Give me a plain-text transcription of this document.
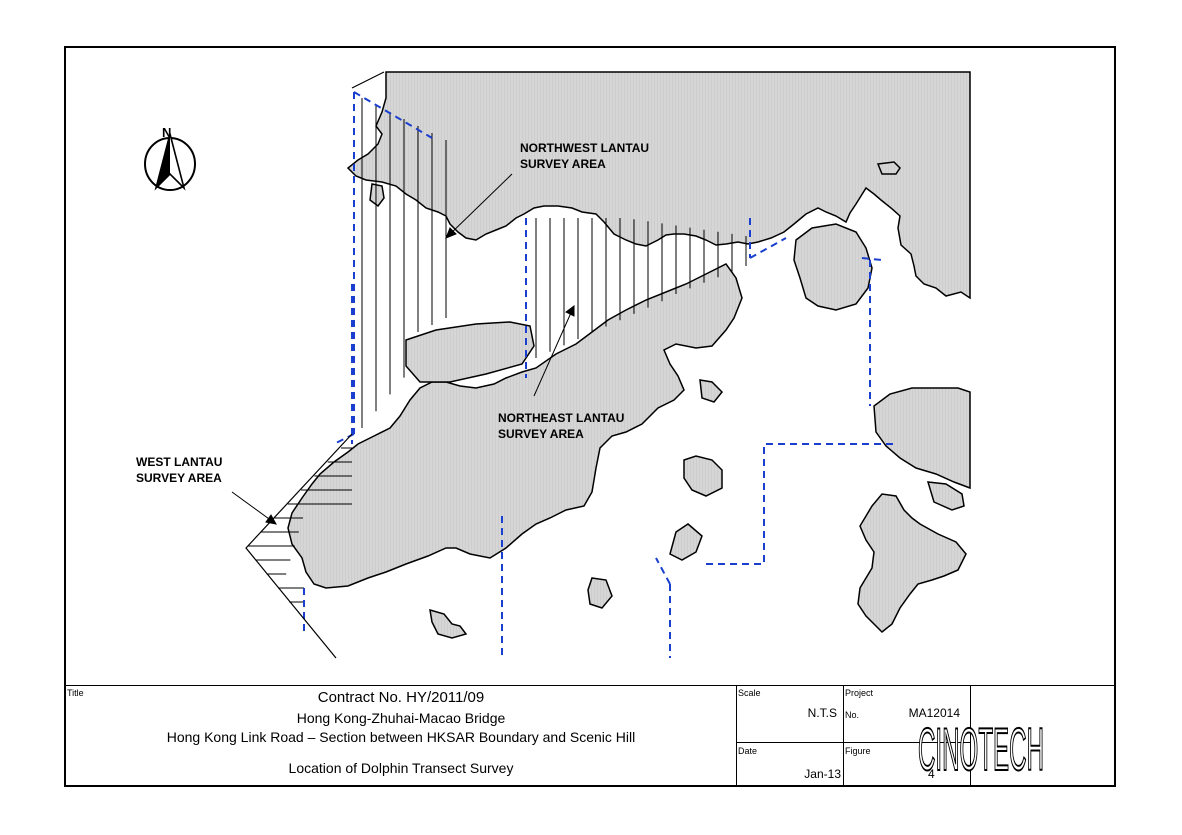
N
NORTHWEST LANTAU
SURVEY AREA
NORTHEAST LANTAU
SURVEY AREA
WEST LANTAU
SURVEY AREA
Title	Contract No. HY/2011/09
Hong Kong-Zhuhai-Macao Bridge
Hong Kong Link Road – Section between HKSAR Boundary and Scenic Hill
Location of Dolphin Transect Survey
Scale
N.T.S
Project
No.	MA12014
Date
Jan-13
Figure
4
CINOTECH
